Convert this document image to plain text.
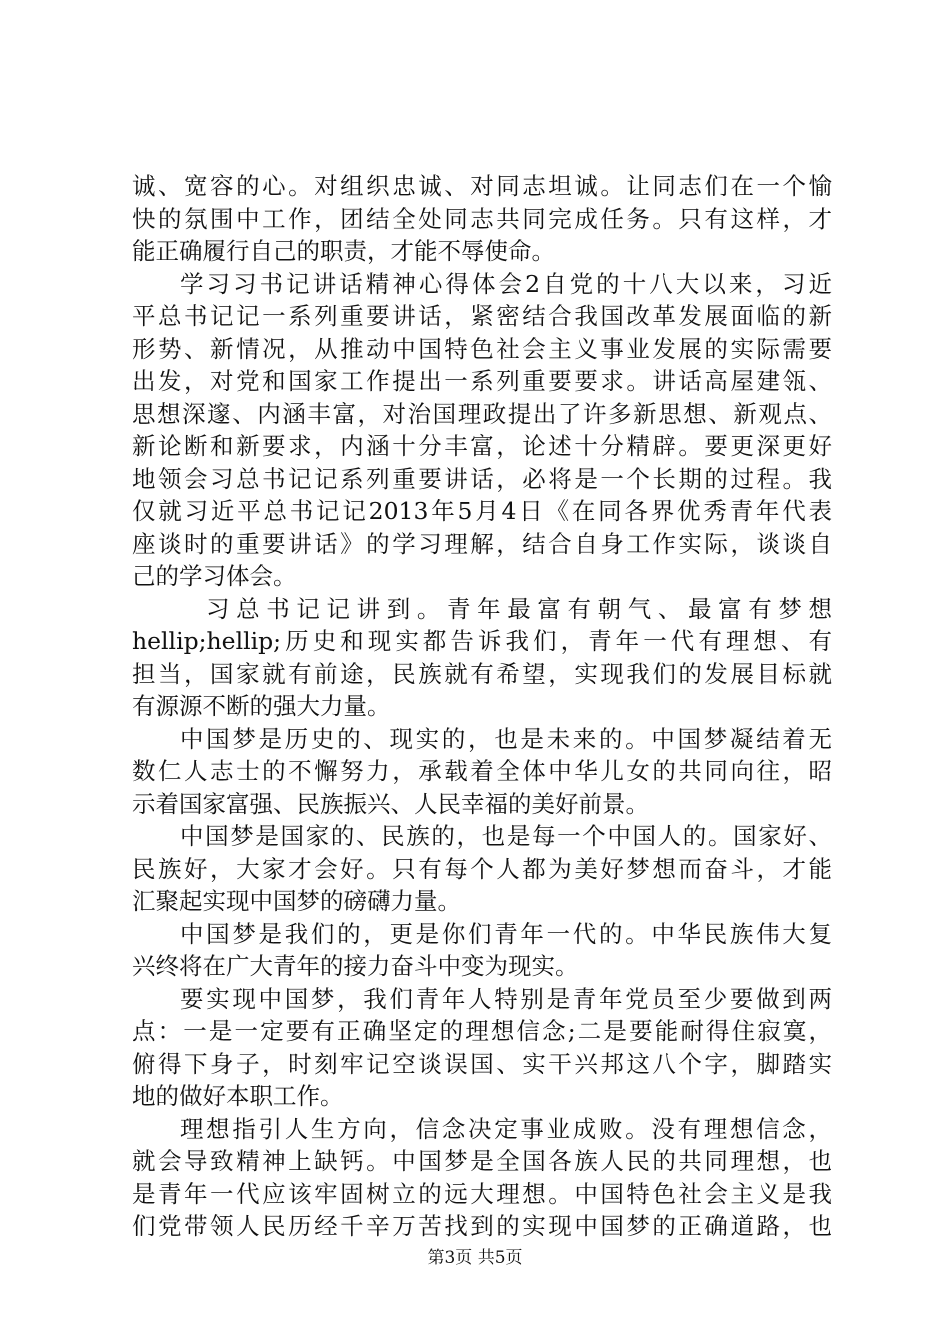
诚、宽容的心。对组织忠诚、对同志坦诚。让同志们在一个愉
快的氛围中工作，团结全处同志共同完成任务。只有这样，才
能正确履行自己的职责，才能不辱使命。
学习习书记讲话精神心得体会2自党的十八大以来，习近
平总书记记一系列重要讲话，紧密结合我国改革发展面临的新
形势、新情况，从推动中国特色社会主义事业发展的实际需要
出发，对党和国家工作提出一系列重要要求。讲话高屋建瓴、
思想深邃、内涵丰富，对治国理政提出了许多新思想、新观点、
新论断和新要求，内涵十分丰富，论述十分精辟。要更深更好
地领会习总书记记系列重要讲话，必将是一个长期的过程。我
仅就习近平总书记记2013年5月4日《在同各界优秀青年代表
座谈时的重要讲话》的学习理解，结合自身工作实际，谈谈自
己的学习体会。
习总书记记讲到。青年最富有朝气、最富有梦想
hellip;hellip;历史和现实都告诉我们，青年一代有理想、有
担当，国家就有前途，民族就有希望，实现我们的发展目标就
有源源不断的强大力量。
中国梦是历史的、现实的，也是未来的。中国梦凝结着无
数仁人志士的不懈努力，承载着全体中华儿女的共同向往，昭
示着国家富强、民族振兴、人民幸福的美好前景。
中国梦是国家的、民族的，也是每一个中国人的。国家好、
民族好，大家才会好。只有每个人都为美好梦想而奋斗，才能
汇聚起实现中国梦的磅礴力量。
中国梦是我们的，更是你们青年一代的。中华民族伟大复
兴终将在广大青年的接力奋斗中变为现实。
要实现中国梦，我们青年人特别是青年党员至少要做到两
点：一是一定要有正确坚定的理想信念;二是要能耐得住寂寞，
俯得下身子，时刻牢记空谈误国、实干兴邦这八个字，脚踏实
地的做好本职工作。
理想指引人生方向，信念决定事业成败。没有理想信念，
就会导致精神上缺钙。中国梦是全国各族人民的共同理想，也
是青年一代应该牢固树立的远大理想。中国特色社会主义是我
们党带领人民历经千辛万苦找到的实现中国梦的正确道路，也
第3页 共5页
